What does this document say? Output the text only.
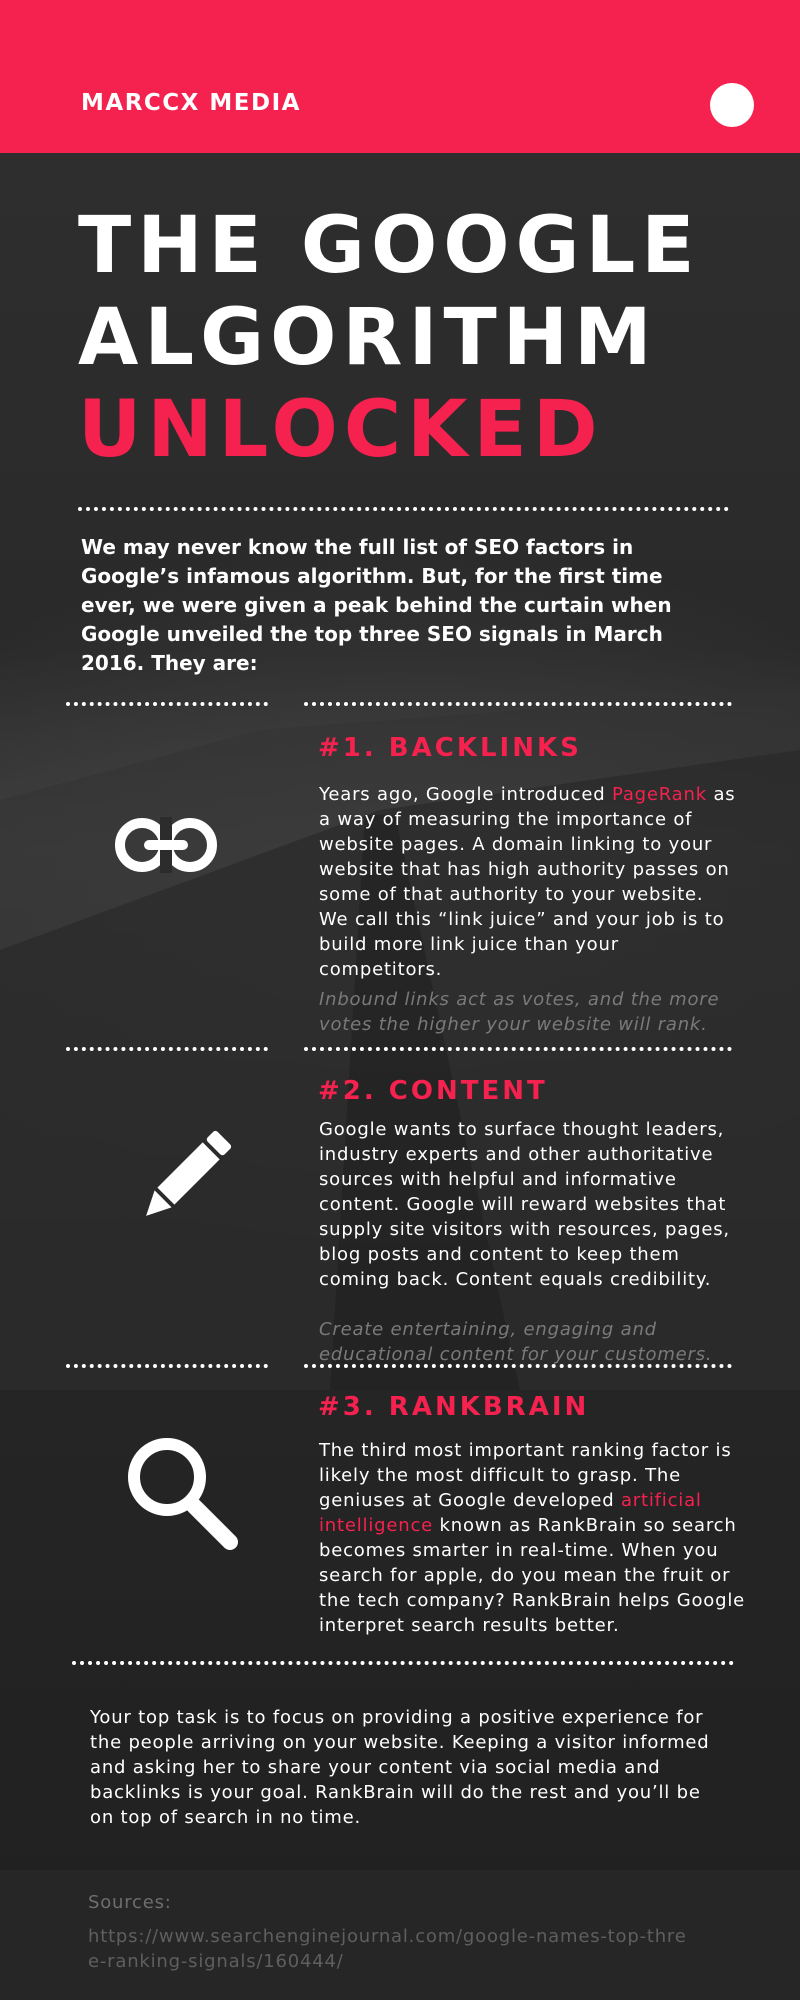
MARCCX MEDIA
THE GOOGLE
ALGORITHM
UNLOCKED
We may never know the full list of SEO factors in Google’s infamous algorithm. But, for the first time ever, we were given a peak behind the curtain when Google unveiled the top three SEO signals in March 2016. They are:
#1. BACKLINKS
Years ago, Google introduced PageRank as a way of measuring the importance of website pages. A domain linking to your website that has high authority passes on some of that authority to your website. We call this “link juice” and your job is to build more link juice than your competitors.
Inbound links act as votes, and the more votes the higher your website will rank.
#2. CONTENT
Google wants to surface thought leaders, industry experts and other authoritative sources with helpful and informative content. Google will reward websites that supply site visitors with resources, pages, blog posts and content to keep them coming back. Content equals credibility.
Create entertaining, engaging and educational content for your customers.
#3. RANKBRAIN
The third most important ranking factor is likely the most difficult to grasp. The geniuses at Google developed artificial intelligence known as RankBrain so search becomes smarter in real-time. When you search for apple, do you mean the fruit or the tech company? RankBrain helps Google interpret search results better.
Your top task is to focus on providing a positive experience for the people arriving on your website. Keeping a visitor informed and asking her to share your content via social media and backlinks is your goal. RankBrain will do the rest and you’ll be on top of search in no time.
Sources:
https://www.searchenginejournal.com/google-names-top-three-ranking-signals/160444/
